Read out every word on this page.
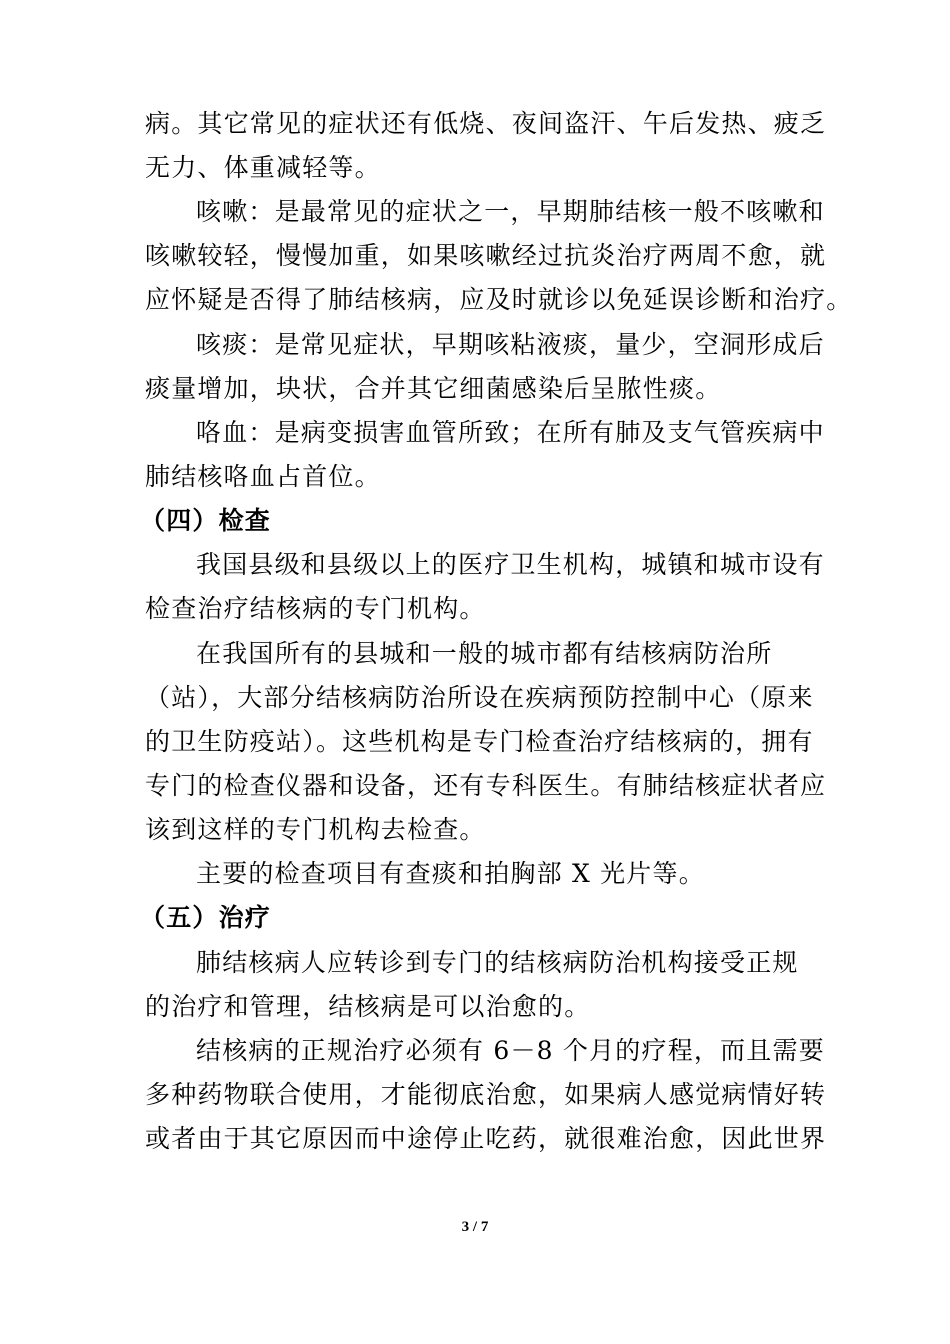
病。其它常见的症状还有低烧、夜间盗汗、午后发热、疲乏
无力、体重减轻等。
咳嗽：是最常见的症状之一，早期肺结核一般不咳嗽和
咳嗽较轻，慢慢加重，如果咳嗽经过抗炎治疗两周不愈，就
应怀疑是否得了肺结核病，应及时就诊以免延误诊断和治疗。
咳痰：是常见症状，早期咳粘液痰，量少，空洞形成后
痰量增加，块状，合并其它细菌感染后呈脓性痰。
咯血：是病变损害血管所致；在所有肺及支气管疾病中
肺结核咯血占首位。
（四）检查
我国县级和县级以上的医疗卫生机构，城镇和城市设有
检查治疗结核病的专门机构。
在我国所有的县城和一般的城市都有结核病防治所
（站），大部分结核病防治所设在疾病预防控制中心（原来
的卫生防疫站）。这些机构是专门检查治疗结核病的，拥有
专门的检查仪器和设备，还有专科医生。有肺结核症状者应
该到这样的专门机构去检查。
主要的检查项目有查痰和拍胸部 X 光片等。
（五）治疗
肺结核病人应转诊到专门的结核病防治机构接受正规
的治疗和管理，结核病是可以治愈的。
结核病的正规治疗必须有 6－8 个月的疗程，而且需要
多种药物联合使用，才能彻底治愈，如果病人感觉病情好转
或者由于其它原因而中途停止吃药，就很难治愈，因此世界
3 / 7
